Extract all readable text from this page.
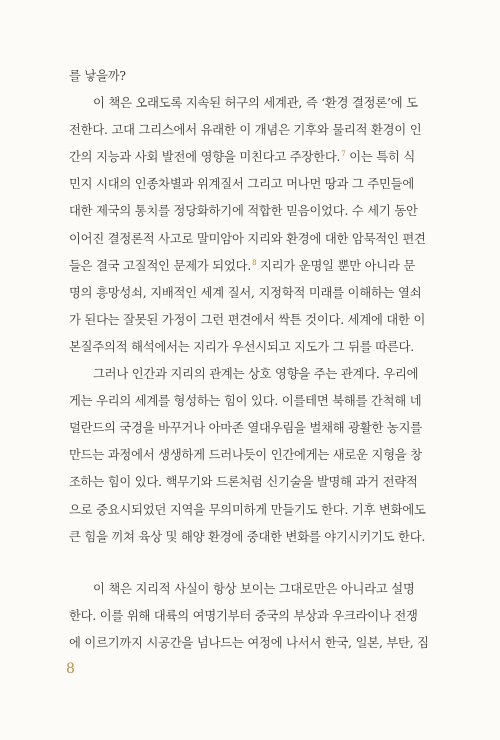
를 낳을까?
이 책은 오래도록 지속된 허구의 세계관, 즉 ‘환경 결정론’에 도
전한다. 고대 그리스에서 유래한 이 개념은 기후와 물리적 환경이 인
간의 지능과 사회 발전에 영향을 미친다고 주장한다.$^7$ 이는 특히 식
민지 시대의 인종차별과 위계질서 그리고 머나먼 땅과 그 주민들에
대한 제국의 통치를 정당화하기에 적합한 믿음이었다. 수 세기 동안
이어진 결정론적 사고로 말미암아 지리와 환경에 대한 암묵적인 편견
들은 결국 고질적인 문제가 되었다.$^8$ 지리가 운명일 뿐만 아니라 문
명의 흥망성쇠, 지배적인 세계 질서, 지정학적 미래를 이해하는 열쇠
가 된다는 잘못된 가정이 그런 편견에서 싹튼 것이다. 세계에 대한 이
본질주의적 해석에서는 지리가 우선시되고 지도가 그 뒤를 따른다.
그러나 인간과 지리의 관계는 상호 영향을 주는 관계다. 우리에
게는 우리의 세계를 형성하는 힘이 있다. 이를테면 북해를 간척해 네
덜란드의 국경을 바꾸거나 아마존 열대우림을 벌채해 광활한 농지를
만드는 과정에서 생생하게 드러나듯이 인간에게는 새로운 지형을 창
조하는 힘이 있다. 핵무기와 드론처럼 신기술을 발명해 과거 전략적
으로 중요시되었던 지역을 무의미하게 만들기도 한다. 기후 변화에도
큰 힘을 끼쳐 육상 및 해양 환경에 중대한 변화를 야기시키기도 한다.
이 책은 지리적 사실이 항상 보이는 그대로만은 아니라고 설명
한다. 이를 위해 대륙의 여명기부터 중국의 부상과 우크라이나 전쟁
에 이르기까지 시공간을 넘나드는 여정에 나서서 한국, 일본, 부탄, 짐
8
